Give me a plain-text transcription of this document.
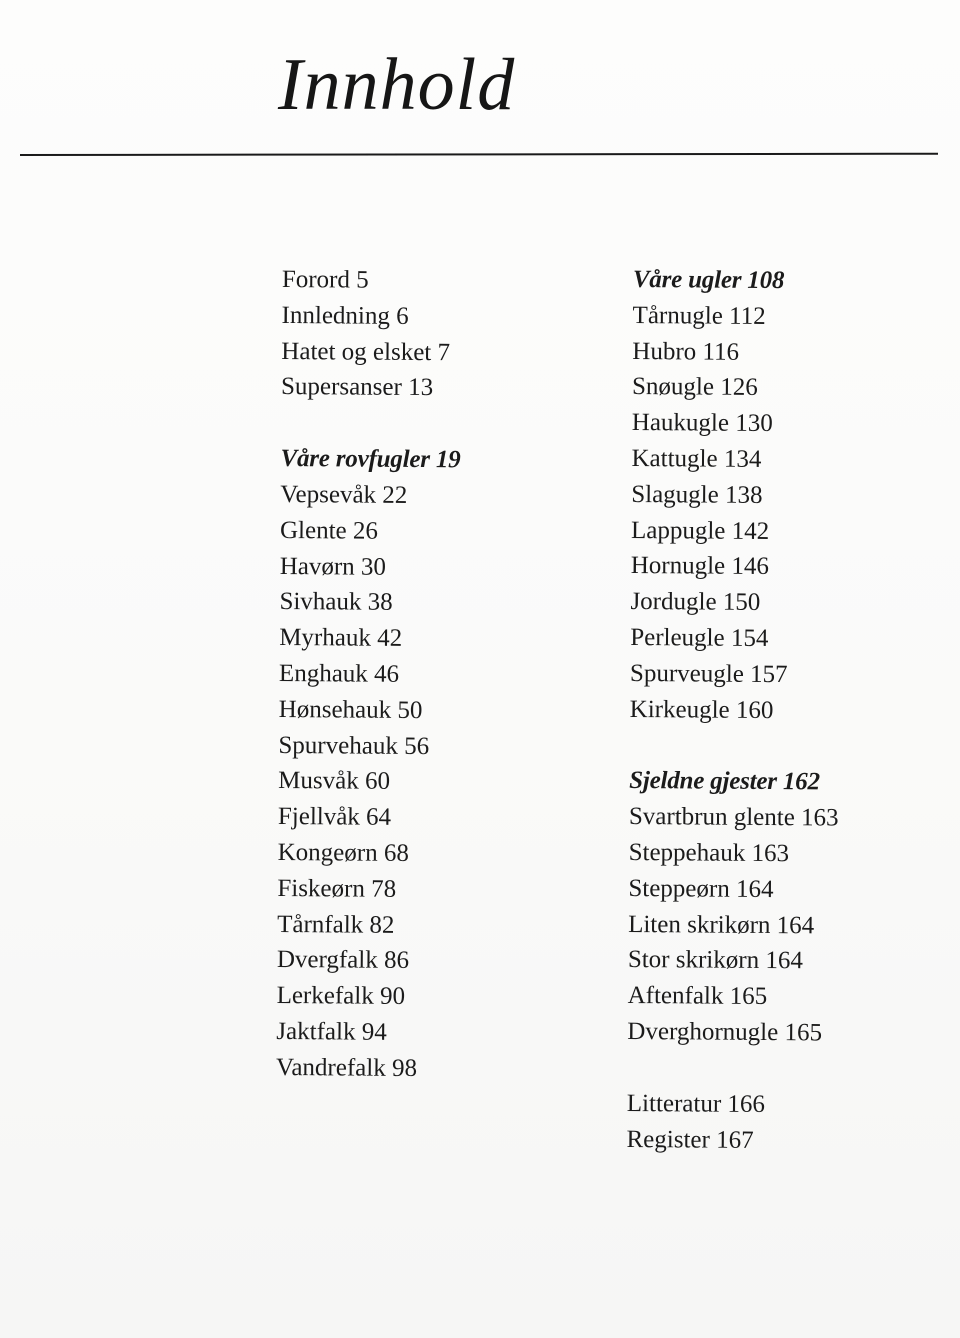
Innhold
Forord 5
Innledning 6
Hatet og elsket 7
Supersanser 13
Våre rovfugler 19
Vepsevåk 22
Glente 26
Havørn 30
Sivhauk 38
Myrhauk 42
Enghauk 46
Hønsehauk 50
Spurvehauk 56
Musvåk 60
Fjellvåk 64
Kongeørn 68
Fiskeørn 78
Tårnfalk 82
Dvergfalk 86
Lerkefalk 90
Jaktfalk 94
Vandrefalk 98
Våre ugler 108
Tårnugle 112
Hubro 116
Snøugle 126
Haukugle 130
Kattugle 134
Slagugle 138
Lappugle 142
Hornugle 146
Jordugle 150
Perleugle 154
Spurveugle 157
Kirkeugle 160
Sjeldne gjester 162
Svartbrun glente 163
Steppehauk 163
Steppeørn 164
Liten skrikørn 164
Stor skrikørn 164
Aftenfalk 165
Dverghornugle 165
Litteratur 166
Register 167
